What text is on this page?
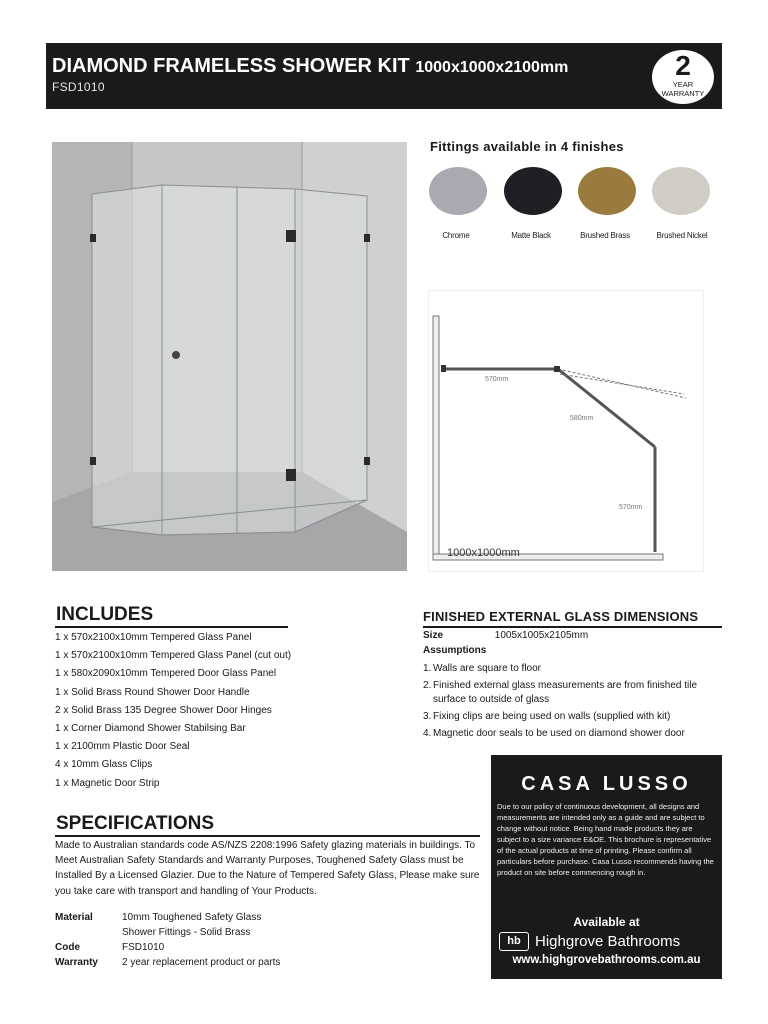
DIAMOND FRAMELESS SHOWER KIT 1000x1000x2100mm
FSD1010
2
YEAR
WARRANTY
Fittings available in 4 finishes
Chrome	Matte Black	Brushed Brass	Brushed Nickel
570mm
580mm
570mm
1000x1000mm
INCLUDES
1 x 570x2100x10mm Tempered Glass Panel
1 x 570x2100x10mm Tempered Glass Panel (cut out)
1 x 580x2090x10mm Tempered Door Glass Panel
1 x Solid Brass Round Shower Door Handle
2 x Solid Brass 135 Degree Shower Door Hinges
1 x Corner Diamond Shower Stabilsing Bar
1 x 2100mm Plastic Door Seal
4 x 10mm Glass Clips
1 x Magnetic Door Strip
SPECIFICATIONS
Made to Australian standards code AS/NZS 2208:1996 Safety glazing materials in buildings. To Meet Australian Safety Standards and Warranty Purposes, Toughened Safety Glass must be Installed By a Licensed Glazier. Due to the Nature of Tempered Safety Glass, Please make sure you take care with transport and handling of Your Products.
Material	10mm Toughened Safety Glass
Shower Fittings - Solid Brass
Code	FSD1010
Warranty	2 year replacement product or parts
FINISHED EXTERNAL GLASS DIMENSIONS
Size	1005x1005x2105mm
Assumptions
1. Walls are square to floor
2. Finished external glass measurements are from finished tile surface to outside of glass
3. Fixing clips are being used on walls (supplied with kit)
4. Magnetic door seals to be used on diamond shower door
CASA LUSSO
Due to our policy of continuous development, all designs and measurements are intended only as a guide and are subject to change without notice. Being hand made products they are subject to a size variance E&OE. This brochure is representative of the actual products at time of printing. Please confirm all particulars before purchase. Casa Lusso recommends having the product on site before commencing rough in.
Available at
hb Highgrove Bathrooms
www.highgrovebathrooms.com.au
